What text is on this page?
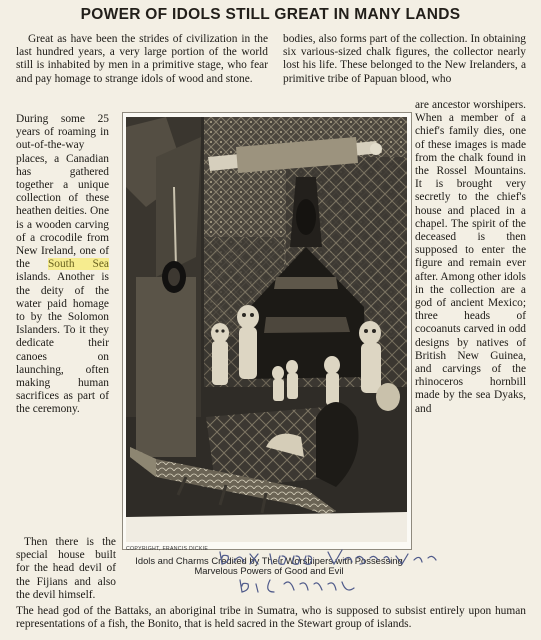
POWER OF IDOLS STILL GREAT IN MANY LANDS

Great as have been the strides of civilization in the last hundred years, a very large portion of the world still is inhabited by men in a primitive stage, who fear and pay homage to strange idols of wood and stone.

During some 25 years of roaming in out-of-the-way places, a Canadian has gathered together a unique collection of these heathen deities. One is a wooden carving of a crocodile from New Ireland, one of the South Sea islands. Another is the deity of the water paid homage to by the Solomon Islanders. To it they dedicate their canoes on launching, often making human sacrifices as part of the ceremony.

Then there is the special house built for the head devil of the Fijians and also the devil himself.

The head god of the Battaks, an aboriginal tribe in Sumatra, who is supposed to subsist entirely upon human representations of a fish, the Bonito, that is held sacred in the Stewart group of islands.

bodies, also forms part of the collection. In obtaining six various-sized chalk figures, the collector nearly lost his life. These belonged to the New Irelanders, a primitive tribe of Papuan blood, who

are ancestor worshipers. When a member of a chief's family dies, one of these images is made from the chalk found in the Rossel Mountains. It is brought very secretly to the chief's house and placed in a chapel. The spirit of the deceased is then supposed to enter the figure and remain ever after. Among other idols in the collection are a god of ancient Mexico; three heads of cocoanuts carved in odd designs by natives of British New Guinea, and carvings of the rhinoceros hornbill made by the sea Dyaks, and

COPYRIGHT, FRANCIS DICKIE
Idols and Charms Credited by Their Worshipers with Possessing
Marvelous Powers of Good and Evil
